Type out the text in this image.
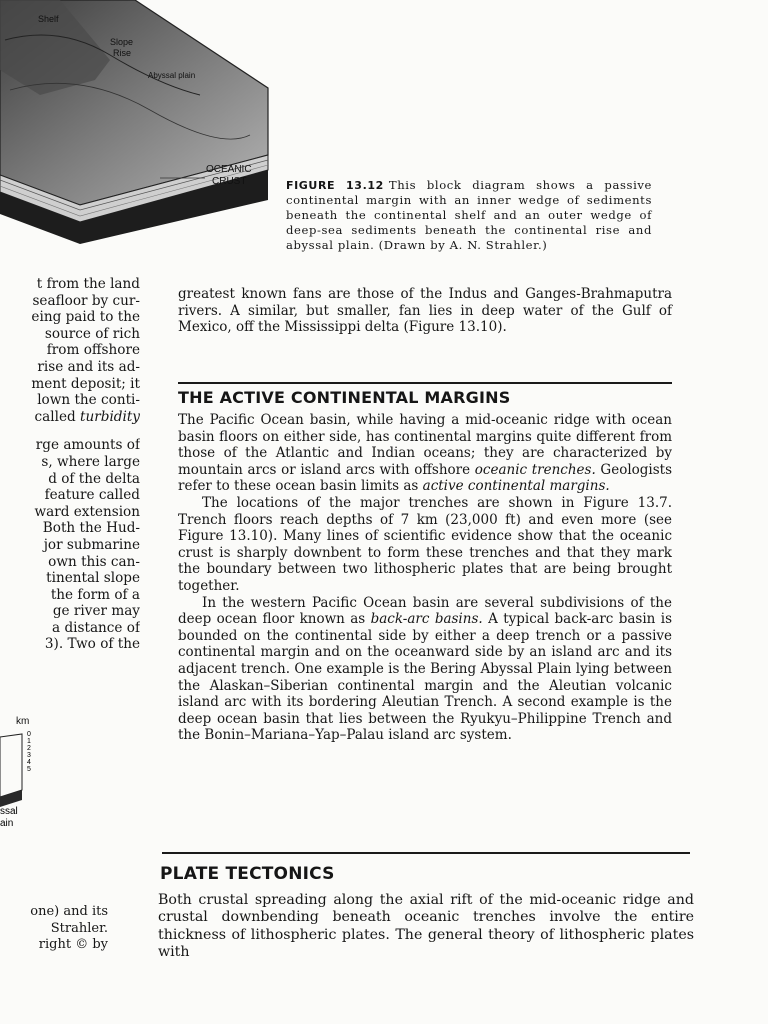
Shelf
Slope
Rise
Abyssal plain
OCEANIC
CRUST	FIGURE 13.12 This block diagram shows a passive continental margin with an inner wedge of sediments beneath the continental shelf and an outer wedge of deep-sea sediments beneath the continental rise and abyssal plain. (Drawn by A. N. Strahler.)
t from the land
seafloor by cur-
eing paid to the
source of rich
from offshore
rise and its ad-
ment deposit; it
lown the conti-
called turbidity
rge amounts of
s, where large
d of the delta
feature called
ward extension
Both the Hud-
jor submarine
own this can-
tinental slope
the form of a
ge river may
a distance of
3). Two of the

greatest known fans are those of the Indus and Ganges-Brahmaputra rivers. A similar, but smaller, fan lies in deep water of the Gulf of Mexico, off the Mississippi delta (Figure 13.10).

THE ACTIVE CONTINENTAL MARGINS

The Pacific Ocean basin, while having a mid-oceanic ridge with ocean basin floors on either side, has continental margins quite different from those of the Atlantic and Indian oceans; they are characterized by mountain arcs or island arcs with offshore oceanic trenches. Geologists refer to these ocean basin limits as active continental margins.

The locations of the major trenches are shown in Figure 13.7. Trench floors reach depths of 7 km (23,000 ft) and even more (see Figure 13.10). Many lines of scientific evidence show that the oceanic crust is sharply downbent to form these trenches and that they mark the boundary between two lithospheric plates that are being brought together.

In the western Pacific Ocean basin are several subdivisions of the deep ocean floor known as back-arc basins. A typical back-arc basin is bounded on the continental side by either a deep trench or a passive continental margin and on the oceanward side by an island arc and its adjacent trench. One example is the Bering Abyssal Plain lying between the Alaskan–Siberian continental margin and the Aleutian volcanic island arc with its bordering Aleutian Trench. A second example is the deep ocean basin that lies between the Ryukyu–Philippine Trench and the Bonin–Mariana–Yap–Palau island arc system.

km
0
1
2
3
4
5
ssal
ain
one) and its
Strahler.
right © by
PLATE TECTONICS
Both crustal spreading along the axial rift of the mid-oceanic ridge and crustal downbending beneath oceanic trenches involve the entire thickness of lithospheric plates. The general theory of lithospheric plates with
